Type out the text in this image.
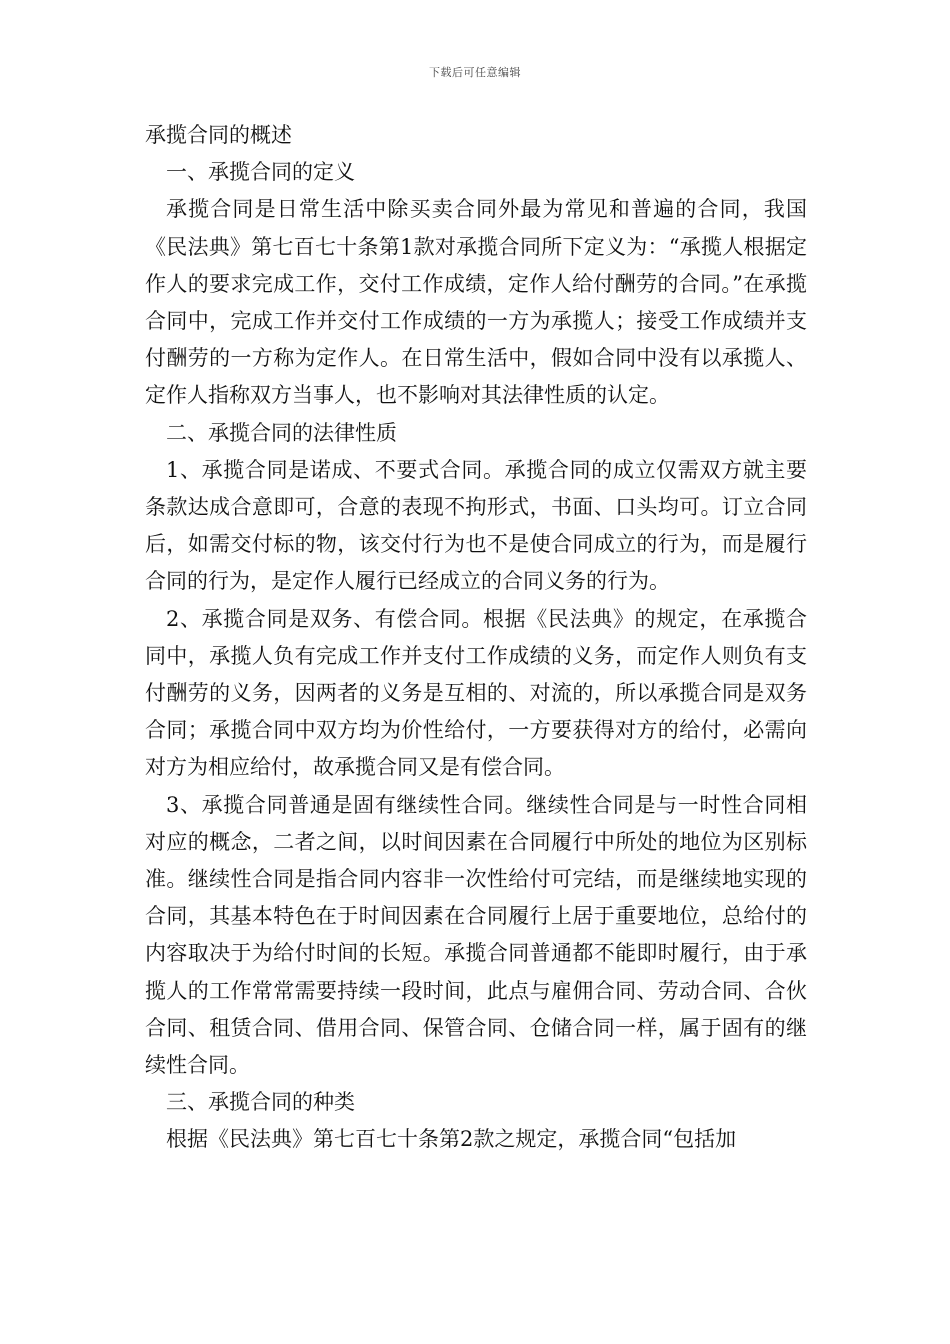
下载后可任意编辑

承揽合同的概述

一、承揽合同的定义

承揽合同是日常生活中除买卖合同外最为常见和普遍的合同，我国《民法典》第七百七十条第1款对承揽合同所下定义为：“承揽人根据定作人的要求完成工作，交付工作成绩，定作人给付酬劳的合同。”在承揽合同中，完成工作并交付工作成绩的一方为承揽人；接受工作成绩并支付酬劳的一方称为定作人。在日常生活中，假如合同中没有以承揽人、定作人指称双方当事人，也不影响对其法律性质的认定。

二、承揽合同的法律性质

1、承揽合同是诺成、不要式合同。承揽合同的成立仅需双方就主要条款达成合意即可，合意的表现不拘形式，书面、口头均可。订立合同后，如需交付标的物，该交付行为也不是使合同成立的行为，而是履行合同的行为，是定作人履行已经成立的合同义务的行为。

2、承揽合同是双务、有偿合同。根据《民法典》的规定，在承揽合同中，承揽人负有完成工作并支付工作成绩的义务，而定作人则负有支付酬劳的义务，因两者的义务是互相的、对流的，所以承揽合同是双务合同；承揽合同中双方均为价性给付，一方要获得对方的给付，必需向对方为相应给付，故承揽合同又是有偿合同。

3、承揽合同普通是固有继续性合同。继续性合同是与一时性合同相对应的概念，二者之间，以时间因素在合同履行中所处的地位为区别标准。继续性合同是指合同内容非一次性给付可完结，而是继续地实现的合同，其基本特色在于时间因素在合同履行上居于重要地位，总给付的内容取决于为给付时间的长短。承揽合同普通都不能即时履行，由于承揽人的工作常常需要持续一段时间，此点与雇佣合同、劳动合同、合伙合同、租赁合同、借用合同、保管合同、仓储合同一样，属于固有的继续性合同。

三、承揽合同的种类

根据《民法典》第七百七十条第2款之规定，承揽合同“包括加
